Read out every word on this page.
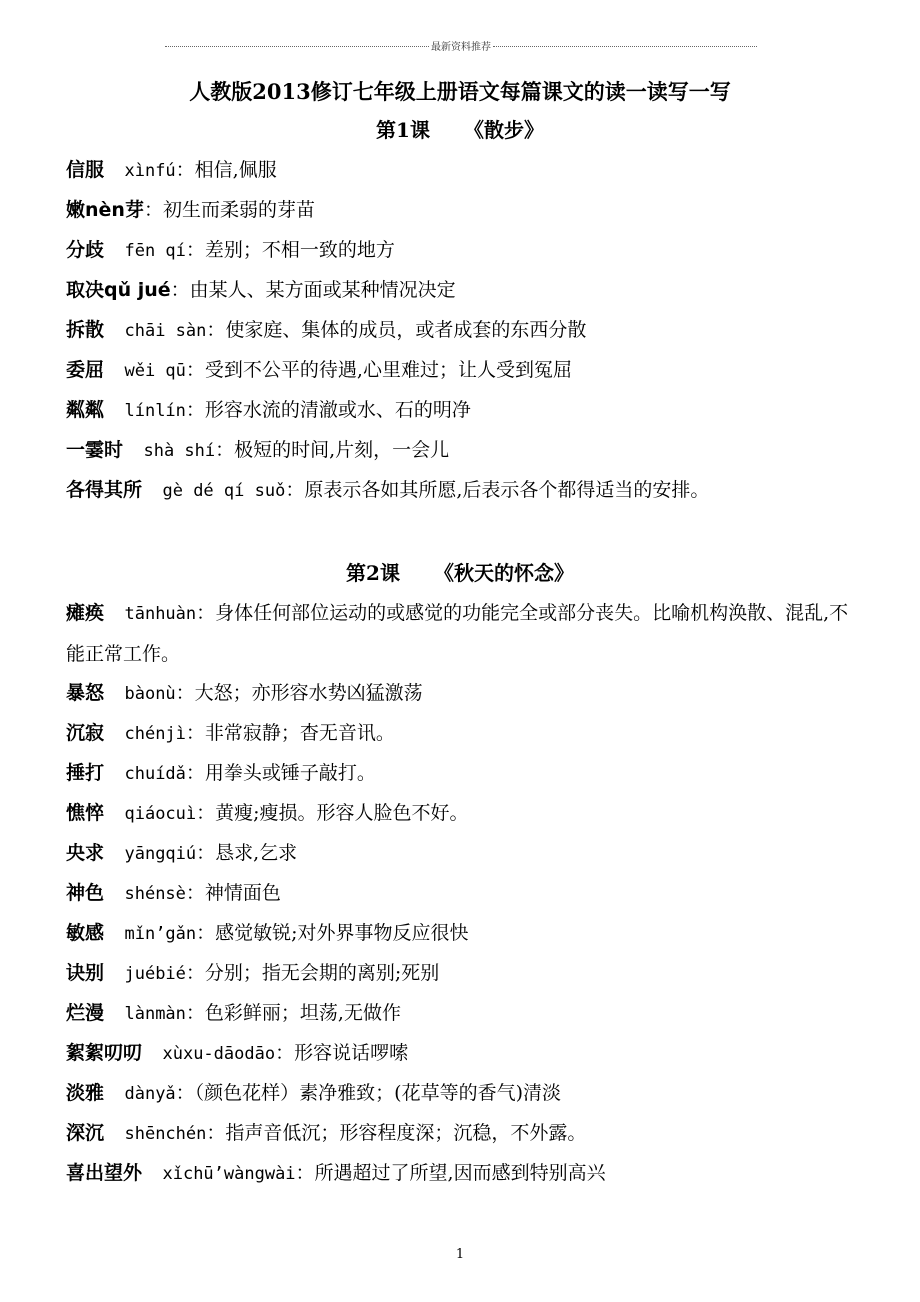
最新资料推荐
人教版2013修订七年级上册语文每篇课文的读一读写一写
第1课 《散步》
信服  xìnfú：相信,佩服
嫩nèn芽：初生而柔弱的芽苗
分歧  fēn qí：差别；不相一致的地方
取决qǔ jué：由某人、某方面或某种情况决定
拆散  chāi sàn：使家庭、集体的成员，或者成套的东西分散
委屈  wěi qū：受到不公平的待遇,心里难过；让人受到冤屈
粼粼  línlín：形容水流的清澈或水、石的明净
一霎时  shà shí：极短的时间,片刻，一会儿
各得其所  gè dé qí suǒ：原表示各如其所愿,后表示各个都得适当的安排。
第2课 《秋天的怀念》
瘫痪  tānhuàn：身体任何部位运动的或感觉的功能完全或部分丧失。比喻机构涣散、混乱,不能正常工作。
暴怒  bàonù：大怒；亦形容水势凶猛激荡
沉寂  chénjì：非常寂静；杳无音讯。
捶打  chuídǎ：用拳头或锤子敲打。
憔悴  qiáocuì：黄瘦;瘦损。形容人脸色不好。
央求  yāngqiú：恳求,乞求
神色  shénsè：神情面色
敏感  mǐn’gǎn：感觉敏锐;对外界事物反应很快
诀别  juébié：分别；指无会期的离别;死别
烂漫  lànmàn：色彩鲜丽；坦荡,无做作
絮絮叨叨  xùxu-dāodāo：形容说话啰嗦
淡雅  dànyǎ：（颜色花样）素净雅致；(花草等的香气)清淡
深沉  shēnchén：指声音低沉；形容程度深；沉稳，不外露。
喜出望外  xǐchū’wàngwài：所遇超过了所望,因而感到特别高兴
1
